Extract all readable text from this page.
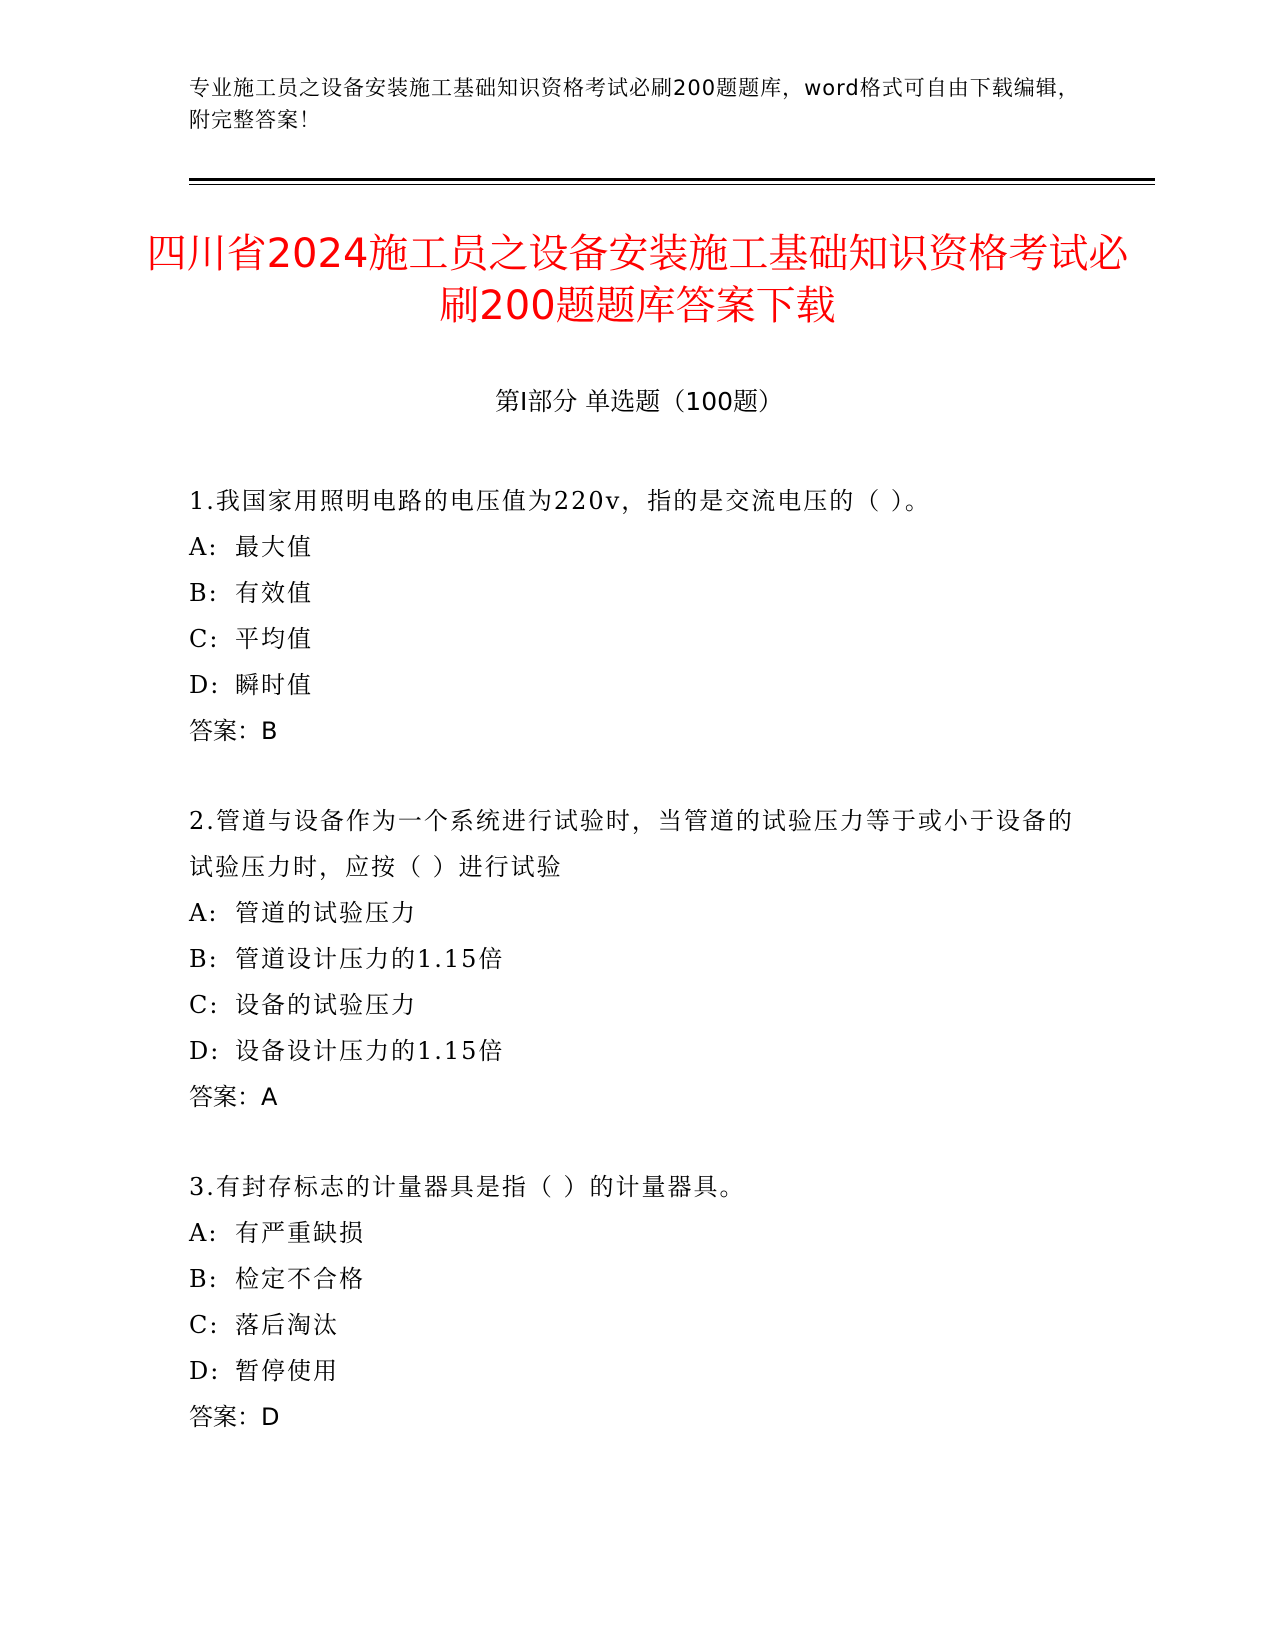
专业施工员之设备安装施工基础知识资格考试必刷200题题库，word格式可自由下载编辑，附完整答案！
四川省2024施工员之设备安装施工基础知识资格考试必刷200题题库答案下载
第I部分 单选题（100题）

1.我国家用照明电路的电压值为220v，指的是交流电压的（ ）。

A: 最大值
B: 有效值
C: 平均值
D: 瞬时值
答案：B

2.管道与设备作为一个系统进行试验时，当管道的试验压力等于或小于设备的试验压力时，应按（ ）进行试验

A: 管道的试验压力
B: 管道设计压力的1.15倍
C: 设备的试验压力
D: 设备设计压力的1.15倍
答案：A

3.有封存标志的计量器具是指（ ）的计量器具。

A: 有严重缺损
B: 检定不合格
C: 落后淘汰
D: 暂停使用
答案：D
